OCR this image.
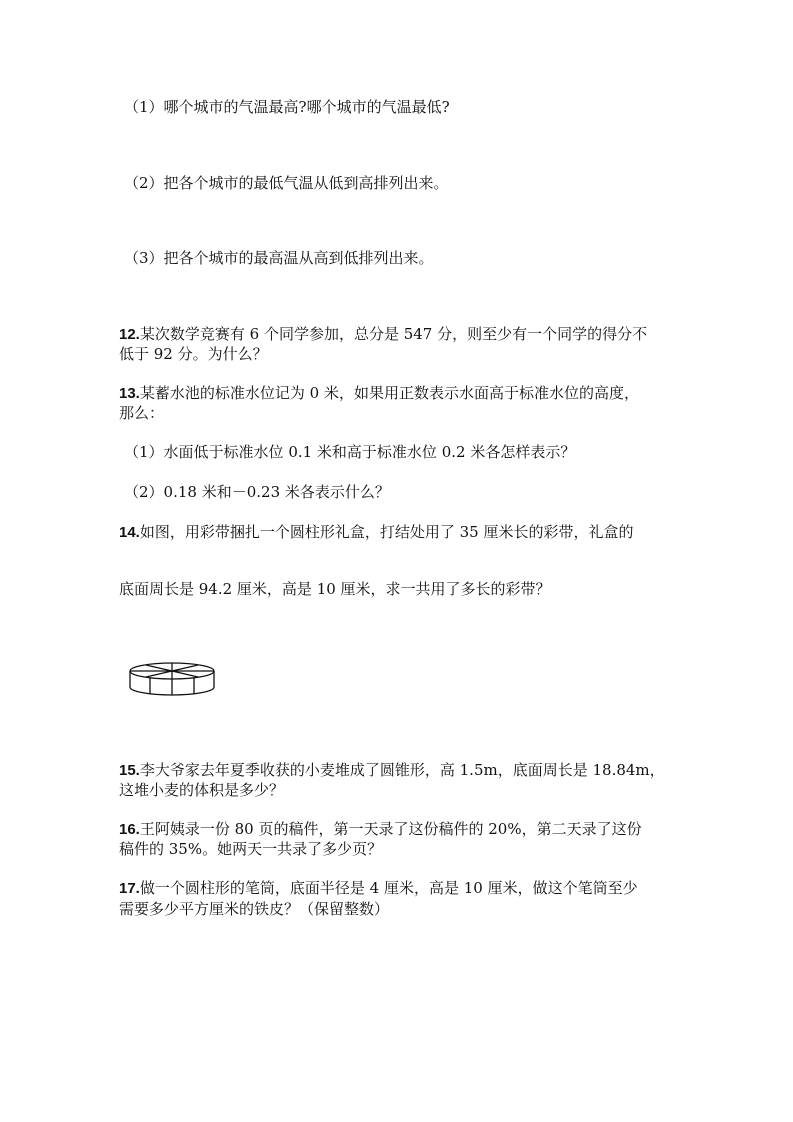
（1）哪个城市的气温最高?哪个城市的气温最低?
（2）把各个城市的最低气温从低到高排列出来。
（3）把各个城市的最高温从高到低排列出来。
12.某次数学竞赛有 6 个同学参加，总分是 547 分，则至少有一个同学的得分不
低于 92 分。为什么？
13.某蓄水池的标准水位记为 0 米，如果用正数表示水面高于标准水位的高度，
那么：
（1）水面低于标准水位 0.1 米和高于标准水位 0.2 米各怎样表示？
（2）0.18 米和－0.23 米各表示什么？
14.如图，用彩带捆扎一个圆柱形礼盒，打结处用了 35 厘米长的彩带，礼盒的
底面周长是 94.2 厘米，高是 10 厘米，求一共用了多长的彩带？
15.李大爷家去年夏季收获的小麦堆成了圆锥形，高 1.5m，底面周长是 18.84m，
这堆小麦的体积是多少？
16.王阿姨录一份 80 页的稿件，第一天录了这份稿件的 20%，第二天录了这份
稿件的 35%。她两天一共录了多少页？
17.做一个圆柱形的笔筒，底面半径是 4 厘米，高是 10 厘米，做这个笔筒至少
需要多少平方厘米的铁皮？（保留整数）
